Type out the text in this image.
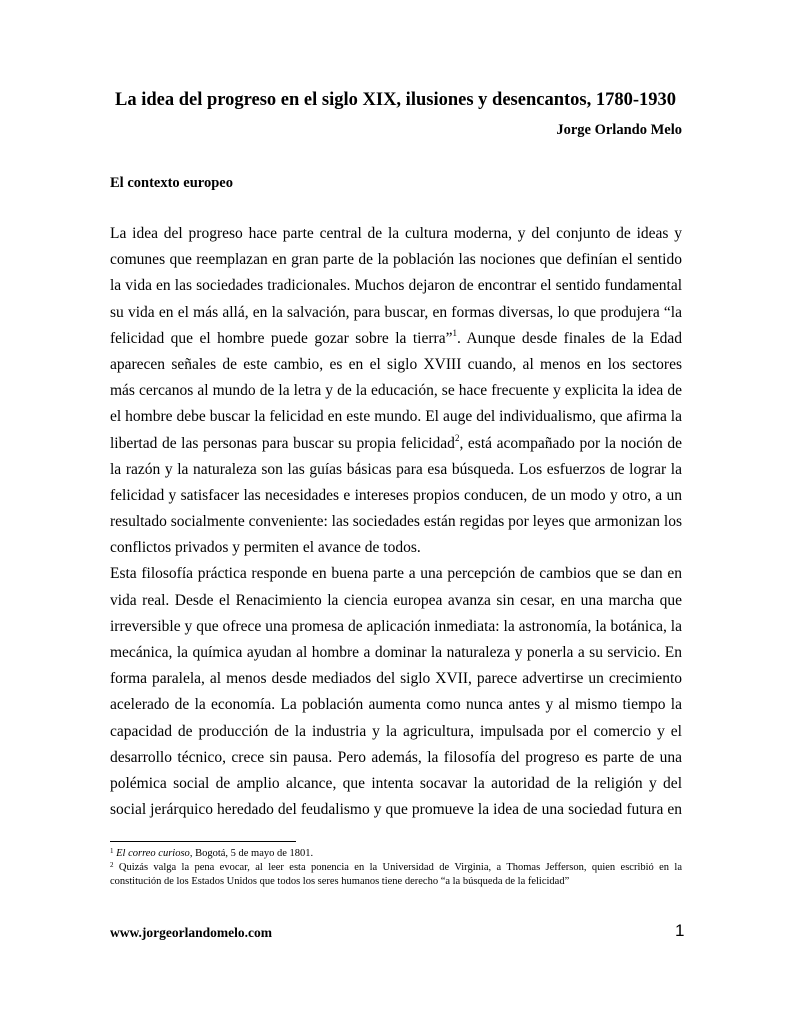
La idea del progreso en el siglo XIX, ilusiones y desencantos, 1780-1930
Jorge Orlando Melo
El contexto europeo
La idea del progreso hace parte central de la cultura moderna, y del conjunto de ideas y
comunes que reemplazan en gran parte de la población las nociones que definían el sentido
la vida en las sociedades tradicionales. Muchos dejaron de encontrar el sentido fundamental
su vida en el más allá, en la salvación, para buscar, en formas diversas, lo que produjera “la
felicidad que el hombre puede gozar sobre la tierra”$^1$. Aunque desde finales de la Edad
aparecen señales de este cambio, es en el siglo XVIII cuando, al menos en los sectores
más cercanos al mundo de la letra y de la educación, se hace frecuente y explicita la idea de
el hombre debe buscar la felicidad en este mundo. El auge del individualismo, que afirma la
libertad de las personas para buscar su propia felicidad$^2$, está acompañado por la noción de
la razón y la naturaleza son las guías básicas para esa búsqueda. Los esfuerzos de lograr la
felicidad y satisfacer las necesidades e intereses propios conducen, de un modo y otro, a un
resultado socialmente conveniente: las sociedades están regidas por leyes que armonizan los
conflictos privados y permiten el avance de todos.
Esta filosofía práctica responde en buena parte a una percepción de cambios que se dan en
vida real. Desde el Renacimiento la ciencia europea avanza sin cesar, en una marcha que
irreversible y que ofrece una promesa de aplicación inmediata: la astronomía, la botánica, la
mecánica, la química ayudan al hombre a dominar la naturaleza y ponerla a su servicio. En
forma paralela, al menos desde mediados del siglo XVII, parece advertirse un crecimiento
acelerado de la economía. La población aumenta como nunca antes y al mismo tiempo la
capacidad de producción de la industria y la agricultura, impulsada por el comercio y el
desarrollo técnico, crece sin pausa. Pero además, la filosofía del progreso es parte de una
polémica social de amplio alcance, que intenta socavar la autoridad de la religión y del
social jerárquico heredado del feudalismo y que promueve la idea de una sociedad futura en
$^1$ El correo curioso, Bogotá, 5 de mayo de 1801.
$^2$ Quizás valga la pena evocar, al leer esta ponencia en la Universidad de Virginia, a Thomas Jefferson, quien escribió en la
constitución de los Estados Unidos que todos los seres humanos tiene derecho “a la búsqueda de la felicidad”
www.jorgeorlandomelo.com	1
